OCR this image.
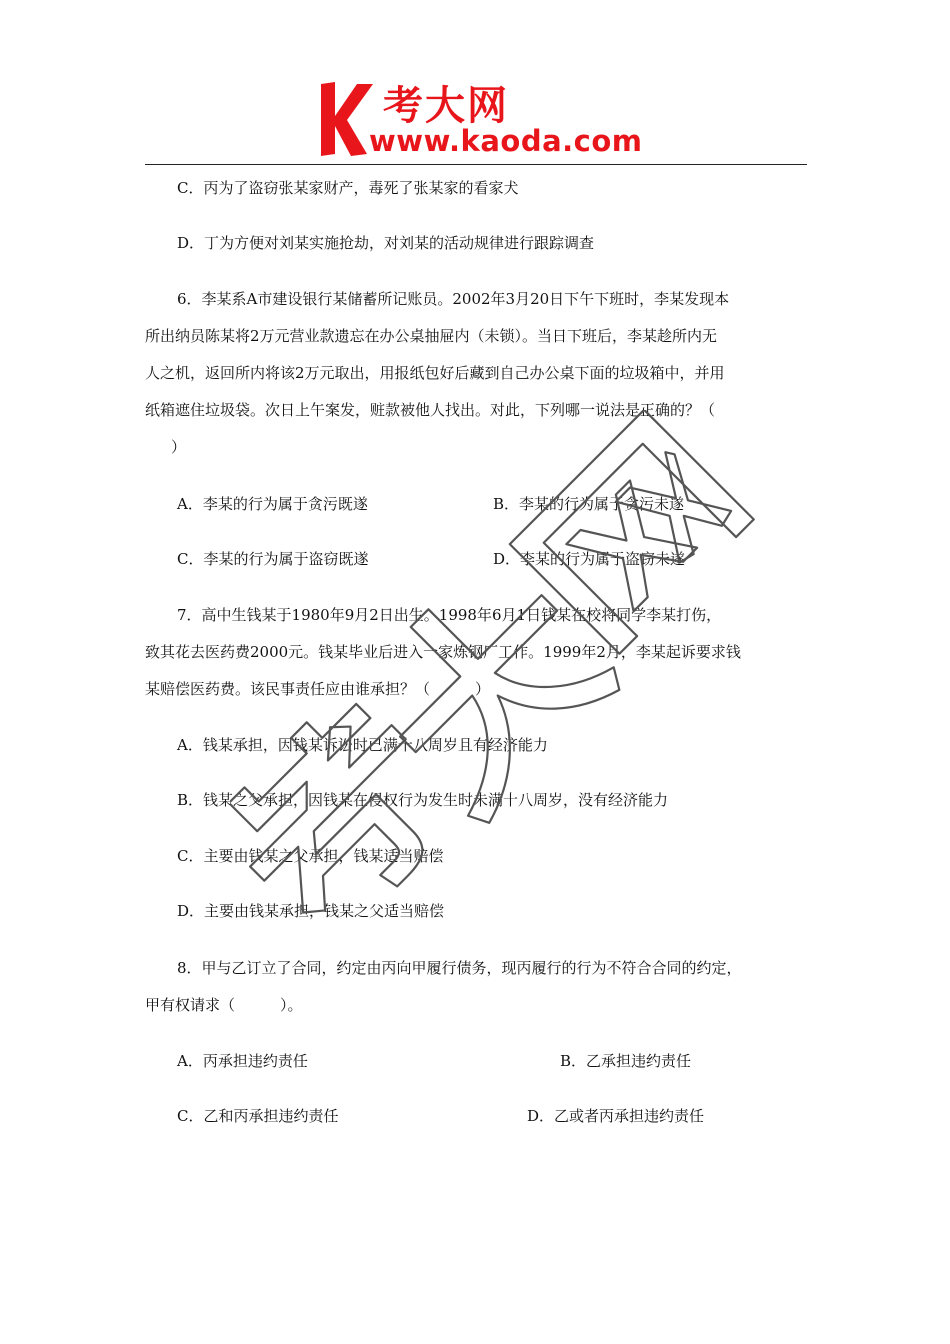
考大网
www.kaoda.com
C．丙为了盗窃张某家财产，毒死了张某家的看家犬
D．丁为方便对刘某实施抢劫，对刘某的活动规律进行跟踪调查
6．李某系A市建设银行某储蓄所记账员。2002年3月20日下午下班时，李某发现本
所出纳员陈某将2万元营业款遗忘在办公桌抽屉内（未锁）。当日下班后，李某趁所内无
人之机，返回所内将该2万元取出，用报纸包好后藏到自己办公桌下面的垃圾箱中，并用
纸箱遮住垃圾袋。次日上午案发，赃款被他人找出。对此，下列哪一说法是正确的？（
）
A．李某的行为属于贪污既遂	B．李某的行为属于贪污未遂
C．李某的行为属于盗窃既遂	D．李某的行为属于盗窃未遂
7．高中生钱某于1980年9月2日出生。1998年6月1日钱某在校将同学李某打伤，
致其花去医药费2000元。钱某毕业后进入一家炼钢厂工作。1999年2月，李某起诉要求钱
某赔偿医药费。该民事责任应由谁承担？（　　　）
A．钱某承担，因钱某诉讼时已满十八周岁且有经济能力
B．钱某之父承担，因钱某在侵权行为发生时未满十八周岁，没有经济能力
C．主要由钱某之父承担，钱某适当赔偿
D．主要由钱某承担，钱某之父适当赔偿
8．甲与乙订立了合同，约定由丙向甲履行债务，现丙履行的行为不符合合同的约定，
甲有权请求（　　　）。
A．丙承担违约责任	B．乙承担违约责任
C．乙和丙承担违约责任	D．乙或者丙承担违约责任
